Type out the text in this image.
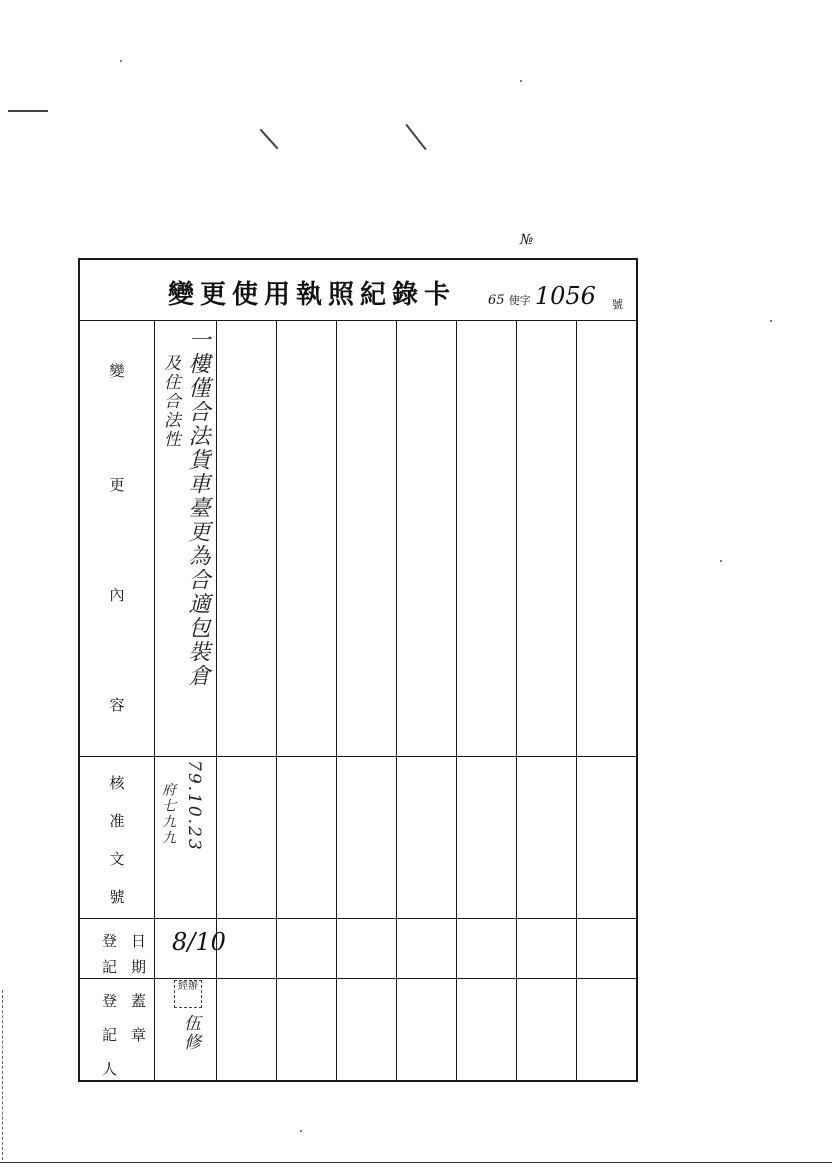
№
變更使用執照紀錄卡 65 使字 1056 號
變
更
內
容
核
准
文
號
登日
記期
登蓋
記章
人
一樓僅合法貨車臺更為合適包裝倉
及住合法性
79.10.23
府七九九
8/10
經辦
伍修
